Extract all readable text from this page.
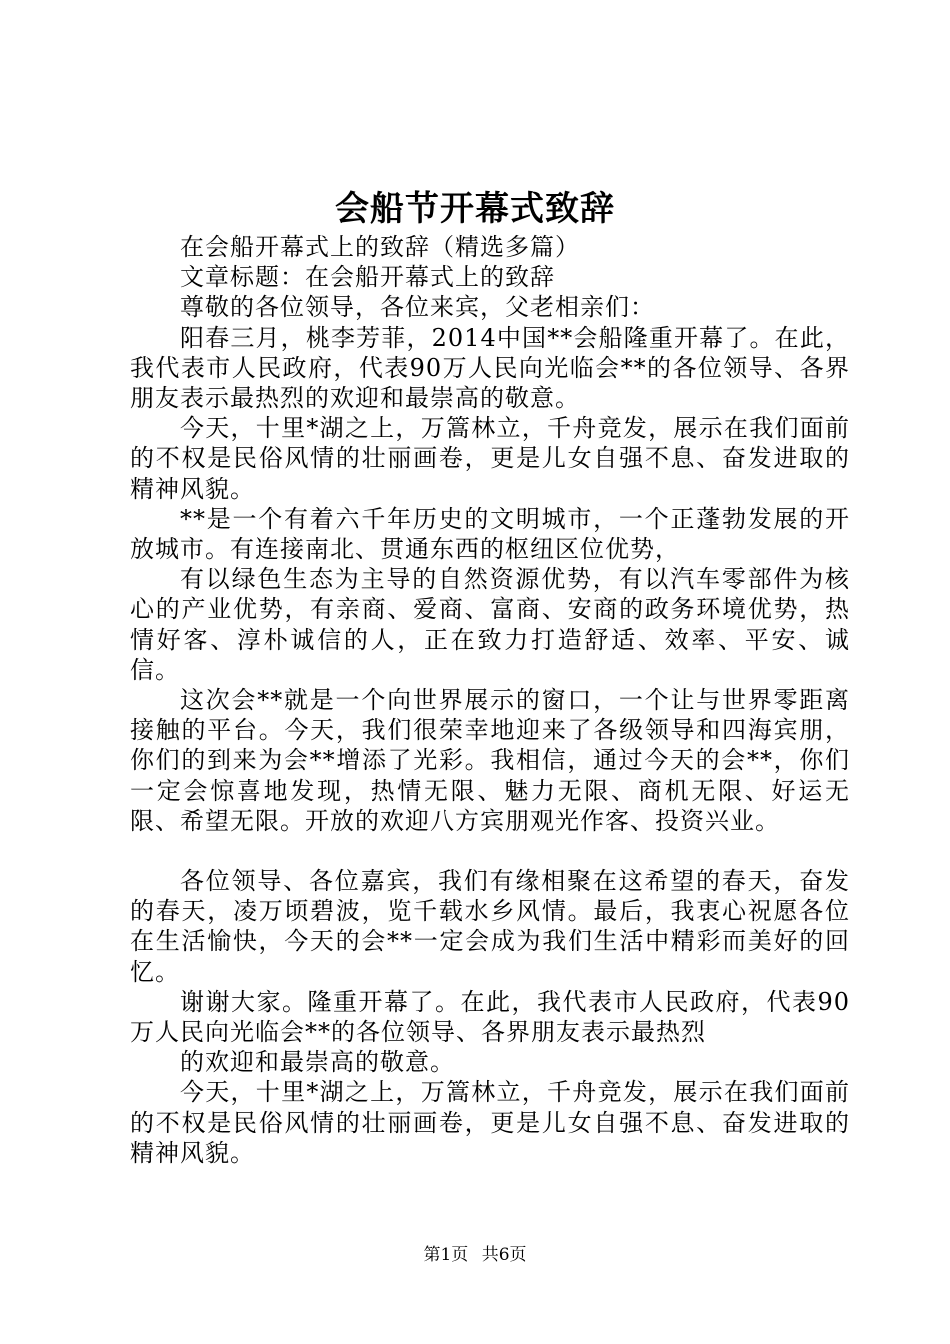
会船节开幕式致辞

在会船开幕式上的致辞（精选多篇）

文章标题：在会船开幕式上的致辞

尊敬的各位领导，各位来宾，父老相亲们：

阳春三月，桃李芳菲，2014中国**会船隆重开幕了。在此，我代表市人民政府，代表90万人民向光临会**的各位领导、各界朋友表示最热烈的欢迎和最崇高的敬意。

今天，十里*湖之上，万篙林立，千舟竞发，展示在我们面前的不权是民俗风情的壮丽画卷，更是儿女自强不息、奋发进取的精神风貌。

**是一个有着六千年历史的文明城市，一个正蓬勃发展的开放城市。有连接南北、贯通东西的枢纽区位优势，

有以绿色生态为主导的自然资源优势，有以汽车零部件为核心的产业优势，有亲商、爱商、富商、安商的政务环境优势，热情好客、淳朴诚信的人，正在致力打造舒适、效率、平安、诚信。

这次会**就是一个向世界展示的窗口，一个让与世界零距离接触的平台。今天，我们很荣幸地迎来了各级领导和四海宾朋，你们的到来为会**增添了光彩。我相信，通过今天的会**，你们一定会惊喜地发现，热情无限、魅力无限、商机无限、好运无限、希望无限。开放的欢迎八方宾朋观光作客、投资兴业。

各位领导、各位嘉宾，我们有缘相聚在这希望的春天，奋发的春天，凌万顷碧波，览千载水乡风情。最后，我衷心祝愿各位在生活愉快，今天的会**一定会成为我们生活中精彩而美好的回忆。

谢谢大家。隆重开幕了。在此，我代表市人民政府，代表90万人民向光临会**的各位领导、各界朋友表示最热烈

的欢迎和最崇高的敬意。

今天，十里*湖之上，万篙林立，千舟竞发，展示在我们面前的不权是民俗风情的壮丽画卷，更是儿女自强不息、奋发进取的精神风貌。

第1页 共6页
